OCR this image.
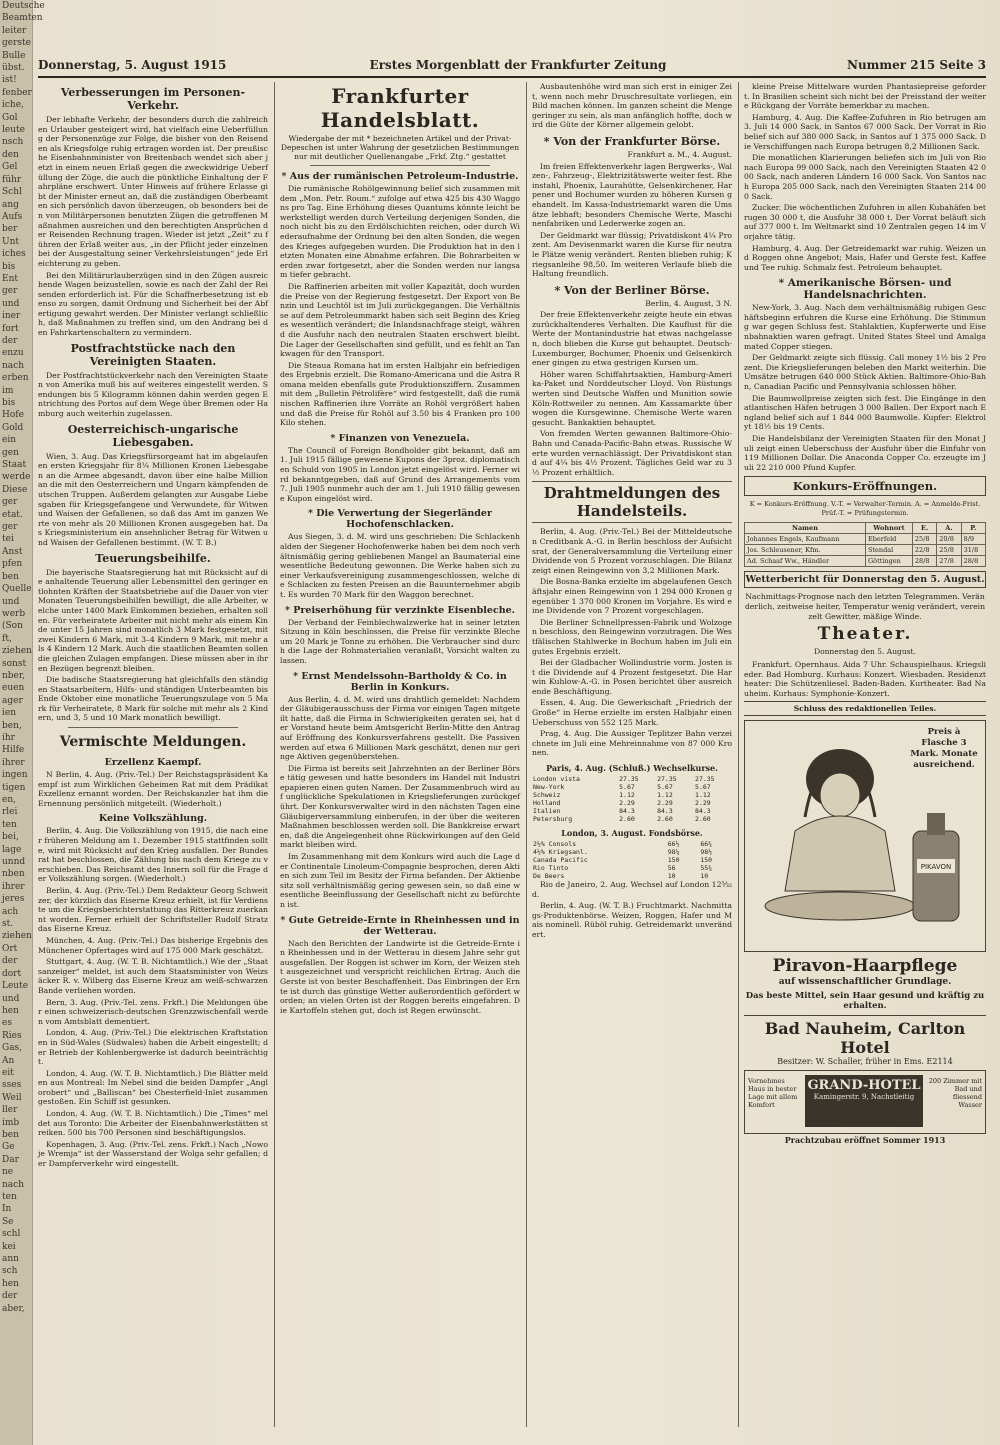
Deutsche
Beamten
leiter
gerste
Bulle
übst.
ist!
fenber
iche,
Gol
leute
nsch
den
Gel
führ
Schl
ang
Aufs
ber
Unt
iches
bis
Ent
ger
und
iner
fort
der
enzu
nach
erben
im
bis
Hofe
Gold
ein
gen
Staat
werde
Diese
ger
etat.
ger
tei
Anst
pfen
ben
Quelle
und
werb
(Son
ft,
ziehen
sonst
nber,
euen
ager
ien
ben,
ihr
Hilfe
ihrer
ingen
tigen
en,
rlei
ten
bei,
lage
unnd
nben
ihrer
jeres
ach
st.
ziehen
Ort
der
dort
Leute
und
hen
es
Ries
Gas,
An
eit
sses
Weil
ller
imb
ben
Ge
Dar
ne
nach
ten
In
Se
schl
kei
ann
sch
hen
der
aber,
Donnerstag, 5. August 1915	Erstes Morgenblatt der Frankfurter Zeitung	Nummer 215 Seite 3
Verbesserungen im Personen-Verkehr.

Der lebhafte Verkehr, der besonders durch die zahlreichen Urlauber gesteigert wird, hat vielfach eine Ueberfüllung der Personenzüge zur Folge, die bisher von den Reisenden als Kriegsfolge ruhig ertragen worden ist. Der preußische Eisenbahnminister von Breitenbach wendet sich aber jetzt in einem neuen Erlaß gegen die zweckwidrige Ueberfüllung der Züge, die auch die pünktliche Einhaltung der Fahrpläne erschwert. Unter Hinweis auf frühere Erlasse gibt der Minister erneut an, daß die zuständigen Oberbeamten sich persönlich davon überzeugen, ob besonders bei den von Militärpersonen benutzten Zügen die getroffenen Maßnahmen ausreichen und den berechtigten Ansprüchen der Reisenden Rechnung tragen. Wieder ist jetzt „Zeit“ zu führen der Erlaß weiter aus, „in der Pflicht jeder einzelnen bei der Ausgestaltung seiner Verkehrsleistungen“ jede Erleichterung zu geben.

Bei den Militärurlauberzügen sind in den Zügen ausreichende Wagen beizustellen, sowie es nach der Zahl der Reisenden erforderlich ist. Für die Schaffnerbesetzung ist ebenso zu sorgen, damit Ordnung und Sicherheit bei der Abfertigung gewahrt werden. Der Minister verlangt schließlich, daß Maßnahmen zu treffen sind, um den Andrang bei den Fahrkartenschaltern zu vermindern.

Postfrachtstücke nach den Vereinigten Staaten.

Der Postfrachtstückverkehr nach den Vereinigten Staaten von Amerika muß bis auf weiteres eingestellt werden. Sendungen bis 5 Kilogramm können dahin werden gegen Entrichtung des Portos auf dem Wege über Bremen oder Hamburg auch weiterhin zugelassen.

Oesterreichisch-ungarische Liebesgaben.

Wien, 3. Aug. Das Kriegsfürsorgeamt hat im abgelaufenen ersten Kriegsjahr für 8¼ Millionen Kronen Liebesgaben an die Armee abgesandt, davon über eine halbe Million an die mit den Oesterreichern und Ungarn kämpfenden deutschen Truppen. Außerdem gelangten zur Ausgabe Liebesgaben für Kriegsgefangene und Verwundete, für Witwen und Waisen der Gefallenen, so daß das Amt im ganzen Werte von mehr als 20 Millionen Kronen ausgegeben hat. Das Kriegsministerium ein ansehnlicher Betrag für Witwen und Waisen der Gefallenen bestimmt. (W. T. B.)

Teuerungsbeihilfe.

Die bayerische Staatsregierung hat mit Rücksicht auf die anhaltende Teuerung aller Lebensmittel den geringer entlohnten Kräften der Staatsbetriebe auf die Dauer von vier Monaten Teuerungsbeihilfen bewilligt, die alle Arbeiter, welche unter 1400 Mark Einkommen beziehen, erhalten sollen. Für verheiratete Arbeiter mit nicht mehr als einem Kinde unter 15 Jahren sind monatlich 3 Mark festgesetzt, mit zwei Kindern 6 Mark, mit 3–4 Kindern 9 Mark, mit mehr als 4 Kindern 12 Mark. Auch die staatlichen Beamten sollen die gleichen Zulagen empfangen. Diese müssen aber in ihren Bezügen begrenzt bleiben.

Die badische Staatsregierung hat gleichfalls den ständigen Staatsarbeitern, Hilfs- und ständigen Unterbeamten bis Ende Oktober eine monatliche Teuerungszulage von 5 Mark für Verheiratete, 8 Mark für solche mit mehr als 2 Kindern, und 3, 5 und 10 Mark monatlich bewilligt.

Vermischte Meldungen.
Erzellenz Kaempf.

N Berlin, 4. Aug. (Priv.-Tel.) Der Reichstagspräsident Kaempf ist zum Wirklichen Geheimen Rat mit dem Prädikat Exzellenz ernannt worden. Der Reichskanzler hat ihm die Ernennung persönlich mitgeteilt. (Wiederholt.)

Keine Volkszählung.

Berlin, 4. Aug. Die Volkszählung von 1915, die nach einer früheren Meldung am 1. Dezember 1915 stattfinden sollte, wird mit Rücksicht auf den Krieg ausfallen. Der Bundesrat hat beschlossen, die Zählung bis nach dem Kriege zu verschieben. Das Reichsamt des Innern soll für die Frage der Volkszählung sorgen. (Wiederholt.)

Berlin, 4. Aug. (Priv.-Tel.) Dem Redakteur Georg Schweitzer, der kürzlich das Eiserne Kreuz erhielt, ist für Verdienste um die Kriegsberichterstattung das Ritterkreuz zuerkannt worden. Ferner erhielt der Schriftsteller Rudolf Stratz das Eiserne Kreuz.

München, 4. Aug. (Priv.-Tel.) Das bisherige Ergebnis des Münchener Opfertages wird auf 175 000 Mark geschätzt.

Stuttgart, 4. Aug. (W. T. B. Nichtamtlich.) Wie der „Staatsanzeiger“ meldet, ist auch dem Staatsminister von Weizsäcker R. v. Wilberg das Eiserne Kreuz am weiß-schwarzen Bande verliehen worden.

Bern, 3. Aug. (Priv.-Tel. zens. Frkft.) Die Meldungen über einen schweizerisch-deutschen Grenzzwischenfall werden vom Amtsblatt dementiert.

London, 4. Aug. (Priv.-Tel.) Die elektrischen Kraftstationen in Süd-Wales (Südwales) haben die Arbeit eingestellt; der Betrieb der Kohlenbergwerke ist dadurch beeinträchtigt.

London, 4. Aug. (W. T. B. Nichtamtlich.) Die Blätter melden aus Montreal: Im Nebel sind die beiden Dampfer „Anglorobert“ und „Balliscan“ bei Chesterfield-Inlet zusammengestoßen. Ein Schiff ist gesunken.

London, 4. Aug. (W. T. B. Nichtamtlich.) Die „Times“ meldet aus Toronto: Die Arbeiter der Eisenbahnwerkstätten streiken. 500 bis 700 Personen sind beschäftigungslos.

Kopenhagen, 3. Aug. (Priv.-Tel. zens. Frkft.) Nach „Nowoje Wremja“ ist der Wasserstand der Wolga sehr gefallen; der Dampferverkehr wird eingestellt.

Frankfurter Handelsblatt.
Wiedergabe der mit * bezeichneten Artikel und der Privat-Depeschen ist unter Wahrung der gesetzlichen Bestimmungen nur mit deutlicher Quellenangabe „Frkf. Ztg.“ gestattet
* Aus der rumänischen Petroleum-Industrie.

Die rumänische Rohölgewinnung belief sich zusammen mit dem „Mon. Petr. Roum.“ zufolge auf etwa 425 bis 430 Waggons pro Tag. Eine Erhöhung dieses Quantums könnte leicht bewerkstelligt werden durch Verteilung derjenigen Sonden, die noch nicht bis zu den Erdölschichten reichen, oder durch Wiederaufnahme der Ordnung bei den alten Sonden, die wegen des Krieges aufgegeben wurden. Die Produktion hat in den letzten Monaten eine Abnahme erfahren. Die Bohrarbeiten werden zwar fortgesetzt, aber die Sonden werden nur langsam tiefer gebracht.

Die Raffinerien arbeiten mit voller Kapazität, doch wurden die Preise von der Regierung festgesetzt. Der Export von Benzin und Leuchtöl ist im Juli zurückgegangen. Die Verhältnisse auf dem Petroleummarkt haben sich seit Beginn des Krieges wesentlich verändert; die Inlandsnachfrage steigt, während die Ausfuhr nach den neutralen Staaten erschwert bleibt. Die Lager der Gesellschaften sind gefüllt, und es fehlt an Tankwagen für den Transport.

Die Steaua Romana hat im ersten Halbjahr ein befriedigendes Ergebnis erzielt. Die Romano-Americana und die Astra Romana melden ebenfalls gute Produktionsziffern. Zusammen mit dem „Bulletin Pétrolifère“ wird festgestellt, daß die rumänischen Raffinerien ihre Vorräte an Rohöl vergrößert haben und daß die Preise für Rohöl auf 3.50 bis 4 Franken pro 100 Kilo stehen.

* Finanzen von Venezuela.

The Council of Foreign Bondholder gibt bekannt, daß am 1. Juli 1915 fällige gewesene Kupons der 3proz. diplomatischen Schuld von 1905 in London jetzt eingelöst wird. Ferner wird bekanntgegeben, daß auf Grund des Arrangements vom 7. Juli 1905 nunmehr auch der am 1. Juli 1910 fällig gewesene Kupon eingelöst wird.

* Die Verwertung der Siegerländer Hochofenschlacken.

Aus Siegen, 3. d. M. wird uns geschrieben: Die Schlackenhalden der Siegener Hochofenwerke haben bei dem noch verhältnismäßig gering gebliebenen Mangel an Baumaterial eine wesentliche Bedeutung gewonnen. Die Werke haben sich zu einer Verkaufsvereinigung zusammengeschlossen, welche die Schlacken zu festen Preisen an die Bauunternehmer abgibt. Es wurden 70 Mark für den Waggon berechnet.

* Preiserhöhung für verzinkte Eisenbleche.

Der Verband der Feinblechwalzwerke hat in seiner letzten Sitzung in Köln beschlossen, die Preise für verzinkte Bleche um 20 Mark je Tonne zu erhöhen. Die Verbraucher sind durch die Lage der Rohmaterialien veranlaßt, Vorsicht walten zu lassen.

* Ernst Mendelssohn-Bartholdy & Co. in Berlin in Konkurs.

Aus Berlin, 4. d. M. wird uns drahtlich gemeldet: Nachdem der Gläubigerausschuss der Firma vor einigen Tagen mitgeteilt hatte, daß die Firma in Schwierigkeiten geraten sei, hat der Vorstand heute beim Amtsgericht Berlin-Mitte den Antrag auf Eröffnung des Konkursverfahrens gestellt. Die Passiven werden auf etwa 6 Millionen Mark geschätzt, denen nur geringe Aktiven gegenüberstehen.

Die Firma ist bereits seit Jahrzehnten an der Berliner Börse tätig gewesen und hatte besonders im Handel mit Industriepapieren einen guten Namen. Der Zusammenbruch wird auf unglückliche Spekulationen in Kriegslieferungen zurückgeführt. Der Konkursverwalter wird in den nächsten Tagen eine Gläubigerversammlung einberufen, in der über die weiteren Maßnahmen beschlossen werden soll. Die Bankkreise erwarten, daß die Angelegenheit ohne Rückwirkungen auf den Geldmarkt bleiben wird.

Im Zusammenhang mit dem Konkurs wird auch die Lage der Continentale Linoleum-Compagnie besprochen, deren Aktien sich zum Teil im Besitz der Firma befanden. Der Aktienbesitz soll verhältnismäßig gering gewesen sein, so daß eine wesentliche Beeinflussung der Gesellschaft nicht zu befürchten ist.

* Gute Getreide-Ernte in Rheinhessen und in der Wetterau.

Nach den Berichten der Landwirte ist die Getreide-Ernte in Rheinhessen und in der Wetterau in diesem Jahre sehr gut ausgefallen. Der Roggen ist schwer im Korn, der Weizen steht ausgezeichnet und verspricht reichlichen Ertrag. Auch die Gerste ist von bester Beschaffenheit. Das Einbringen der Ernte ist durch das günstige Wetter außerordentlich gefördert worden; an vielen Orten ist der Roggen bereits eingefahren. Die Kartoffeln stehen gut, doch ist Regen erwünscht.

Ausbautenhöhe wird man sich erst in einiger Zeit, wenn noch mehr Druschresultate vorliegen, ein Bild machen können. Im ganzen scheint die Menge geringer zu sein, als man anfänglich hoffte, doch wird die Güte der Körner allgemein gelobt.

* Von der Frankfurter Börse.
Frankfurt a. M., 4. August.

Im freien Effektenverkehr lagen Bergwerks-, Walzen-, Fahrzeug-, Elektrizitätswerte weiter fest. Rheinstahl, Phoenix, Laurahütte, Gelsenkirchener, Harpener und Bochumer wurden zu höheren Kursen gehandelt. Im Kassa-Industriemarkt waren die Umsätze lebhaft; besonders Chemische Werte, Maschinenfabriken und Lederwerke zogen an.

Der Geldmarkt war flüssig; Privatdiskont 4¼ Prozent. Am Devisenmarkt waren die Kurse für neutrale Plätze wenig verändert. Renten blieben ruhig; Kriegsanleihe 98,50. Im weiteren Verlaufe blieb die Haltung freundlich.

* Von der Berliner Börse.
Berlin, 4. August, 3 N.

Der freie Effektenverkehr zeigte heute ein etwas zurückhaltenderes Verhalten. Die Kauflust für die Werte der Montanindustrie hat etwas nachgelassen, doch blieben die Kurse gut behauptet. Deutsch-Luxemburger, Bochumer, Phoenix und Gelsenkirchener gingen zu etwa gestrigen Kursen um.

Höher waren Schiffahrtsaktien, Hamburg-Amerika-Paket und Norddeutscher Lloyd. Von Rüstungswerten sind Deutsche Waffen und Munition sowie Köln-Rottweiler zu nennen. Am Kassamarkte überwogen die Kursgewinne. Chemische Werte waren gesucht. Bankaktien behauptet.

Von fremden Werten gewannen Baltimore-Ohio-Bahn und Canada-Pacific-Bahn etwas. Russische Werte wurden vernachlässigt. Der Privatdiskont stand auf 4¼ bis 4½ Prozent. Tägliches Geld war zu 3½ Prozent erhältlich.

Drahtmeldungen des Handelsteils.

Berlin, 4. Aug. (Priv.-Tel.) Bei der Mitteldeutschen Creditbank A.-G. in Berlin beschloss der Aufsichtsrat, der Generalversammlung die Verteilung einer Dividende von 5 Prozent vorzuschlagen. Die Bilanz zeigt einen Reingewinn von 3,2 Millionen Mark.

Die Bosna-Banka erzielte im abgelaufenen Geschäftsjahr einen Reingewinn von 1 294 000 Kronen gegenüber 1 370 000 Kronen im Vorjahre. Es wird eine Dividende von 7 Prozent vorgeschlagen.

Die Berliner Schnellpressen-Fabrik und Wolzogen beschloss, den Reingewinn vorzutragen. Die Westfälischen Stahlwerke in Bochum haben im Juli ein gutes Ergebnis erzielt.

Bei der Gladbacher Wollindustrie vorm. Josten ist die Dividende auf 4 Prozent festgesetzt. Die Harwin Kuhlow-A.-G. in Posen berichtet über ausreichende Beschäftigung.

Essen, 4. Aug. Die Gewerkschaft „Friedrich der Große“ in Herne erzielte im ersten Halbjahr einen Ueberschuss von 552 125 Mark.

Prag, 4. Aug. Die Aussiger Teplitzer Bahn verzeichnete im Juli eine Mehreinnahme von 87 000 Kronen.

Paris, 4. Aug. (Schluß.) Wechselkurse.
London vista	27.35	27.35	27.35
New-York	5.67	5.67	5.67
Schweiz	1.12	1.12	1.12
Holland	2.29	2.29	2.29
Italien	84.3	84.3	84.3
Petersburg	2.60	2.60	2.60
London, 3. August. Fondsbörse.
2½% Consols	66½	66¾
4½% Kriegsanl.	98¼	98½
Canada Pacific	150	150
Rio Tinto	56	55¾
De Beers	10	10

Rio de Janeiro, 2. Aug. Wechsel auf London 12⁵⁄₃₂ d.

Berlin, 4. Aug. (W. T. B.) Fruchtmarkt. Nachmittags-Produktenbörse. Weizen, Roggen, Hafer und Mais nominell. Rüböl ruhig. Getreidemarkt unverändert.

kleine Preise Mittelware wurden Phantasiepreise gefordert. In Brasilien scheint sich nicht bei der Preisstand der weitere Rückgang der Vorräte bemerkbar zu machen.

Hamburg, 4. Aug. Die Kaffee-Zufuhren in Rio betrugen am 3. Juli 14 000 Sack, in Santos 67 000 Sack. Der Vorrat in Rio belief sich auf 380 000 Sack, in Santos auf 1 375 000 Sack. Die Verschiffungen nach Europa betrugen 8,2 Millionen Sack.

Die monatlichen Klarierungen beliefen sich im Juli von Rio nach Europa 99 000 Sack, nach den Vereinigten Staaten 42 000 Sack, nach anderen Ländern 16 000 Sack. Von Santos nach Europa 205 000 Sack, nach den Vereinigten Staaten 214 000 Sack.

Zucker. Die wöchentlichen Zufuhren in allen Kubahäfen betrugen 30 000 t, die Ausfuhr 38 000 t. Der Vorrat beläuft sich auf 377 000 t. Im Weltmarkt sind 10 Zentralen gegen 14 im Vorjahre tätig.

Hamburg, 4. Aug. Der Getreidemarkt war ruhig. Weizen und Roggen ohne Angebot; Mais, Hafer und Gerste fest. Kaffee und Tee ruhig. Schmalz fest. Petroleum behauptet.

* Amerikanische Börsen- und Handelsnachrichten.

New-York, 3. Aug. Nach dem verhältnismäßig ruhigen Geschäftsbeginn erfuhren die Kurse eine Erhöhung. Die Stimmung war gegen Schluss fest. Stahlaktien, Kupferwerte und Eisenbahnaktien waren gefragt. United States Steel und Amalgamated Copper stiegen.

Der Geldmarkt zeigte sich flüssig. Call money 1½ bis 2 Prozent. Die Kriegslieferungen beleben den Markt weiterhin. Die Umsätze betrugen 640 000 Stück Aktien. Baltimore-Ohio-Bahn, Canadian Pacific und Pennsylvania schlossen höher.

Die Baumwollpreise zeigten sich fest. Die Eingänge in den atlantischen Häfen betrugen 3 000 Ballen. Der Export nach England belief sich auf 1 844 000 Baumwolle. Kupfer: Elektrolyt 18½ bis 19 Cents.

Die Handelsbilanz der Vereinigten Staaten für den Monat Juli zeigt einen Ueberschuss der Ausfuhr über die Einfuhr von 119 Millionen Dollar. Die Anaconda Copper Co. erzeugte im Juli 22 210 000 Pfund Kupfer.

Konkurs-Eröffnungen.
K = Konkurs-Eröffnung. V.-T. = Verwalter-Termin. A. = Anmelde-Frist. Prüf.-T. = Prüfungstermin.
Namen	Wohnort	E.	A.	P.
Johannes Engels, Kaufmann	Eberfeld	25/8	20/8	8/9
Jos. Schleusener, Kfm.	Stendal	22/8	25/8	31/8
Ad. Schaaf Ww., Händler	Göttingen	28/8	27/8	28/8
Wetterbericht für Donnerstag den 5. August.

Nachmittags-Prognose nach den letzten Telegrammen. Veränderlich, zeitweise heiter, Temperatur wenig verändert, vereinzelt Gewitter, mäßige Winde.

Theater.
Donnerstag den 5. August.

Frankfurt. Opernhaus. Aida 7 Uhr. Schauspielhaus. Kriegslieder. Bad Homburg. Kurhaus: Konzert. Wiesbaden. Residenztheater: Die Schützenliesel. Baden-Baden. Kurtheater. Bad Nauheim. Kurhaus: Symphonie-Konzert.

Schluss des redaktionellen Teiles.
PIKAVON
Preis à Flasche 3 Mark. Monate ausreichend.
Piravon-Haarpflege
auf wissenschaftlicher Grundlage.
Das beste Mittel, sein Haar gesund und kräftig zu erhalten.
Bad Nauheim, Carlton Hotel
Besitzer: W. Schaller, früher in Ems. E2114
Vornehmes Haus in bester Lage mit allem Komfort
GRAND-HOTEL
Kamingerstr. 9, Nachstleitig
200 Zimmer mit Bad und fliessend Wasser
Prachtzubau eröffnet Sommer 1913
